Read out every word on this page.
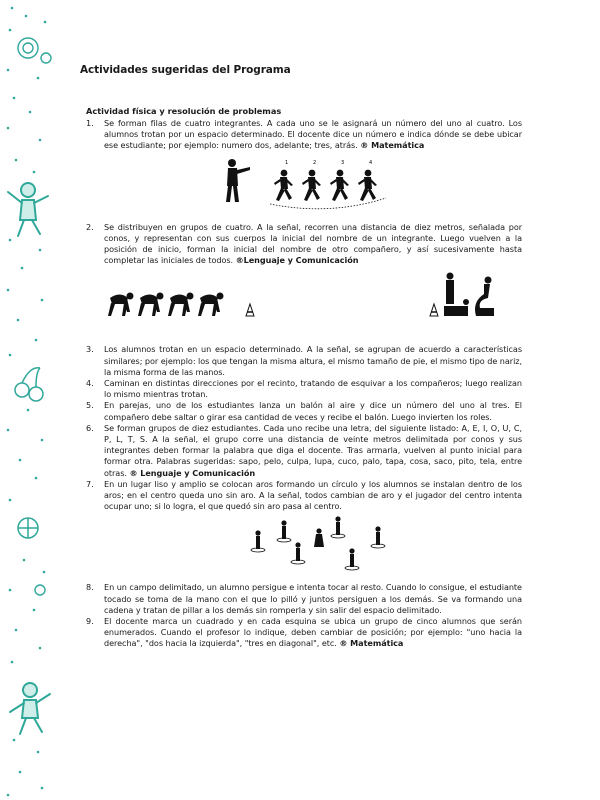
Actividades sugeridas del Programa
Actividad física y resolución de problemas
1. Se forman filas de cuatro integrantes. A cada uno se le asignará un número del uno al cuatro. Los alumnos trotan por un espacio determinado. El docente dice un número e indica dónde se debe ubicar ese estudiante; por ejemplo: numero dos, adelante; tres, atrás. ® Matemática
1	2	3	4
2. Se distribuyen en grupos de cuatro. A la señal, recorren una distancia de diez metros, señalada por conos, y representan con sus cuerpos la inicial del nombre de un integrante. Luego vuelven a la posición de inicio, forman la inicial del nombre de otro compañero, y así sucesivamente hasta completar las iniciales de todos. ®Lenguaje y Comunicación
3. Los alumnos trotan en un espacio determinado. A la señal, se agrupan de acuerdo a características similares; por ejemplo: los que tengan la misma altura, el mismo tamaño de pie, el mismo tipo de nariz, la misma forma de las manos.
4. Caminan en distintas direcciones por el recinto, tratando de esquivar a los compañeros; luego realizan lo mismo mientras trotan.
5. En parejas, uno de los estudiantes lanza un balón al aire y dice un número del uno al tres. El compañero debe saltar o girar esa cantidad de veces y recibe el balón. Luego invierten los roles.
6. Se forman grupos de diez estudiantes. Cada uno recibe una letra, del siguiente listado: A, E, I, O, U, C, P, L, T, S. A la señal, el grupo corre una distancia de veinte metros delimitada por conos y sus integrantes deben formar la palabra que diga el docente. Tras armarla, vuelven al punto inicial para formar otra. Palabras sugeridas: sapo, pelo, culpa, lupa, cuco, palo, tapa, cosa, saco, pito, tela, entre otras. ® Lenguaje y Comunicación
7. En un lugar liso y amplio se colocan aros formando un círculo y los alumnos se instalan dentro de los aros; en el centro queda uno sin aro. A la señal, todos cambian de aro y el jugador del centro intenta ocupar uno; si lo logra, el que quedó sin aro pasa al centro.
8. En un campo delimitado, un alumno persigue e intenta tocar al resto. Cuando lo consigue, el estudiante tocado se toma de la mano con el que lo pilló y juntos persiguen a los demás. Se va formando una cadena y tratan de pillar a los demás sin romperla y sin salir del espacio delimitado.
9. El docente marca un cuadrado y en cada esquina se ubica un grupo de cinco alumnos que serán enumerados. Cuando el profesor lo indique, deben cambiar de posición; por ejemplo: "uno hacia la derecha", "dos hacia la izquierda", "tres en diagonal", etc. ® Matemática
